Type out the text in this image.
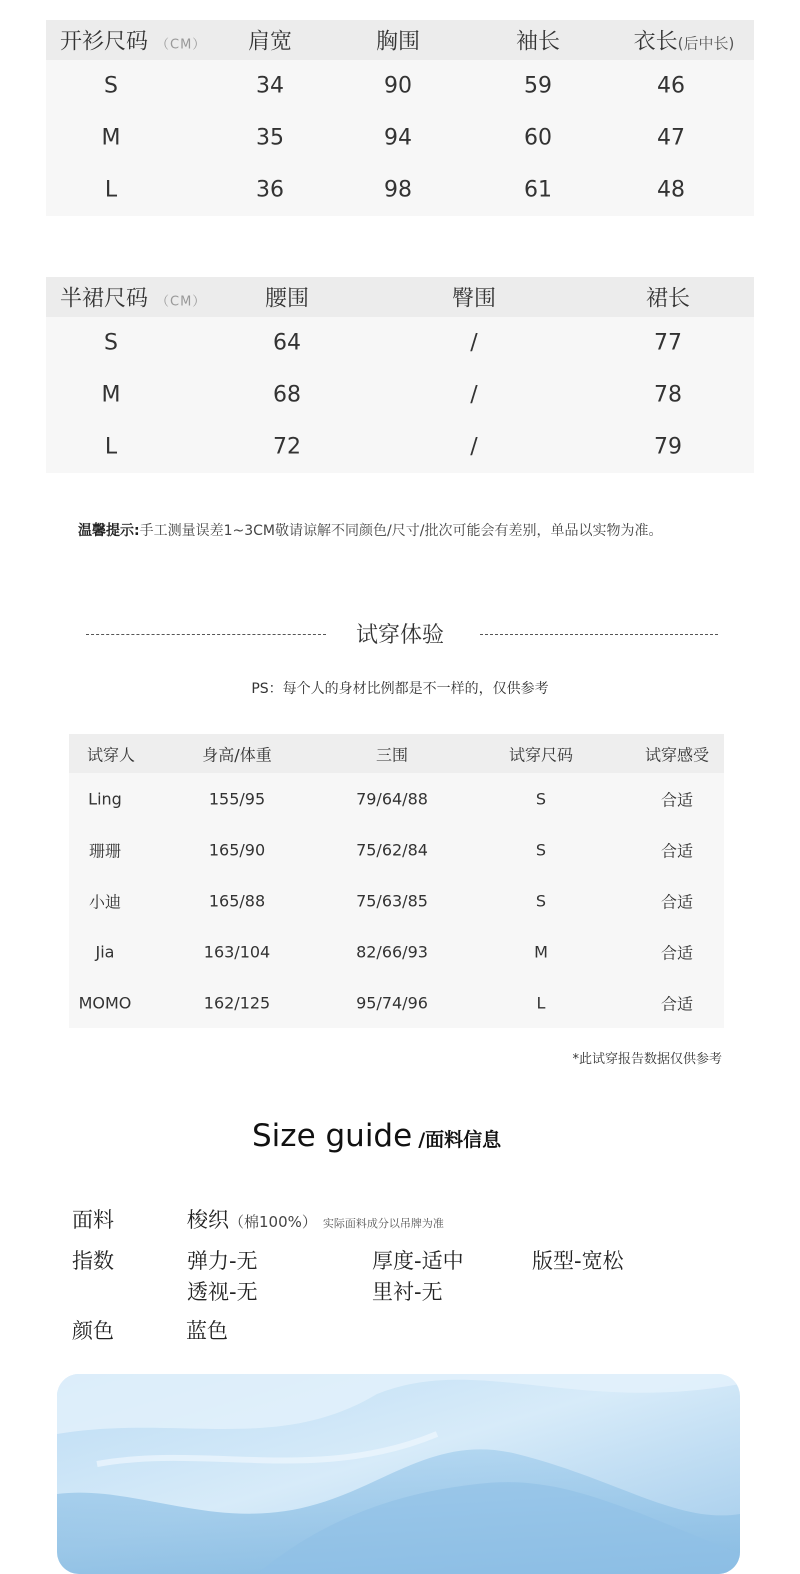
开衫尺码 （CM） 肩宽	胸围	袖长	衣长(后中长)
S	34	90	59	46
M	35	94	60	47
L	36	98	61	48
半裙尺码 （CM）	腰围	臀围	裙长
S	64	/	77
M	68	/	78
L	72	/	79
温馨提示:手工测量误差1~3CM敬请谅解不同颜色/尺寸/批次可能会有差别，单品以实物为准。
试穿体验
PS：每个人的身材比例都是不一样的，仅供参考
试穿人	身高/体重	三围	试穿尺码	试穿感受
Ling	155/95	79/64/88	S	合适
珊珊	165/90	75/62/84	S	合适
小迪	165/88	75/63/85	S	合适
Jia	163/104	82/66/93	M	合适
MOMO	162/125	95/74/96	L	合适
*此试穿报告数据仅供参考
Size guide /面料信息
面料	梭织（棉100%） 实际面料成分以吊牌为准
指数	弹力-无	厚度-适中	版型-宽松
透视-无	里衬-无
颜色	蓝色
